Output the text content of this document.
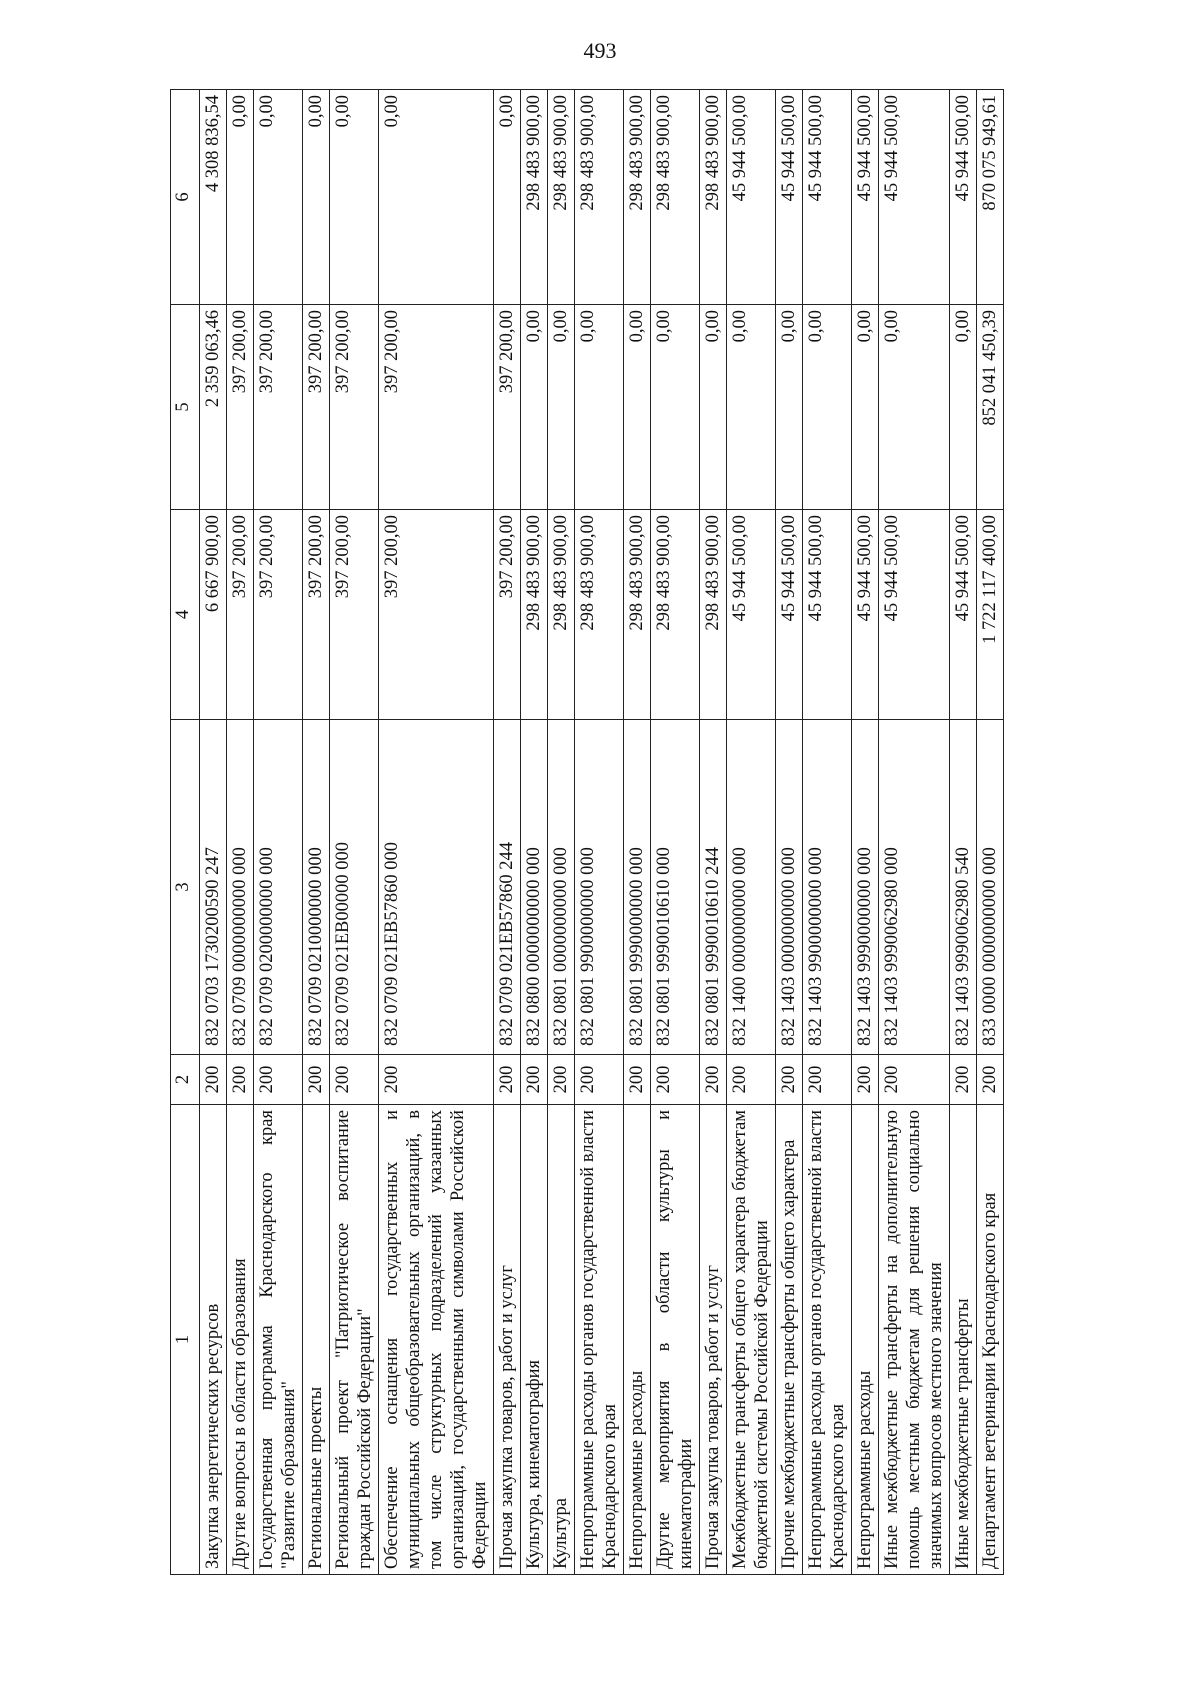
493
1	2	3	4	5	6
Закупка энергетических ресурсов	200	832 0703 1730200590 247	6 667 900,00	2 359 063,46	4 308 836,54
Другие вопросы в области образования	200	832 0709 0000000000 000	397 200,00	397 200,00	0,00
Государственная программа Краснодарского края "Развитие образования"	200	832 0709 0200000000 000	397 200,00	397 200,00	0,00
Региональные проекты	200	832 0709 0210000000 000	397 200,00	397 200,00	0,00
Региональный проект "Патриотическое воспитание граждан Российской Федерации"	200	832 0709 021EB00000 000	397 200,00	397 200,00	0,00
Обеспечение оснащения государственных и муниципальных общеобразовательных организаций, в том числе структурных подразделений указанных организаций, государственными символами Российской Федерации	200	832 0709 021EB57860 000	397 200,00	397 200,00	0,00
Прочая закупка товаров, работ и услуг	200	832 0709 021EB57860 244	397 200,00	397 200,00	0,00
Культура, кинематография	200	832 0800 0000000000 000	298 483 900,00	0,00	298 483 900,00
Культура	200	832 0801 0000000000 000	298 483 900,00	0,00	298 483 900,00
Непрограммные расходы органов государственной власти Краснодарского края	200	832 0801 9900000000 000	298 483 900,00	0,00	298 483 900,00
Непрограммные расходы	200	832 0801 9990000000 000	298 483 900,00	0,00	298 483 900,00
Другие мероприятия в области культуры и кинематографии	200	832 0801 9990010610 000	298 483 900,00	0,00	298 483 900,00
Прочая закупка товаров, работ и услуг	200	832 0801 9990010610 244	298 483 900,00	0,00	298 483 900,00
Межбюджетные трансферты общего характера бюджетам бюджетной системы Российской Федерации	200	832 1400 0000000000 000	45 944 500,00	0,00	45 944 500,00
Прочие межбюджетные трансферты общего характера	200	832 1403 0000000000 000	45 944 500,00	0,00	45 944 500,00
Непрограммные расходы органов государственной власти Краснодарского края	200	832 1403 9900000000 000	45 944 500,00	0,00	45 944 500,00
Непрограммные расходы	200	832 1403 9990000000 000	45 944 500,00	0,00	45 944 500,00
Иные межбюджетные трансферты на дополнительную помощь местным бюджетам для решения социально значимых вопросов местного значения	200	832 1403 9990062980 000	45 944 500,00	0,00	45 944 500,00
Иные межбюджетные трансферты	200	832 1403 9990062980 540	45 944 500,00	0,00	45 944 500,00
Департамент ветеринарии Краснодарского края	200	833 0000 0000000000 000	1 722 117 400,00	852 041 450,39	870 075 949,61
